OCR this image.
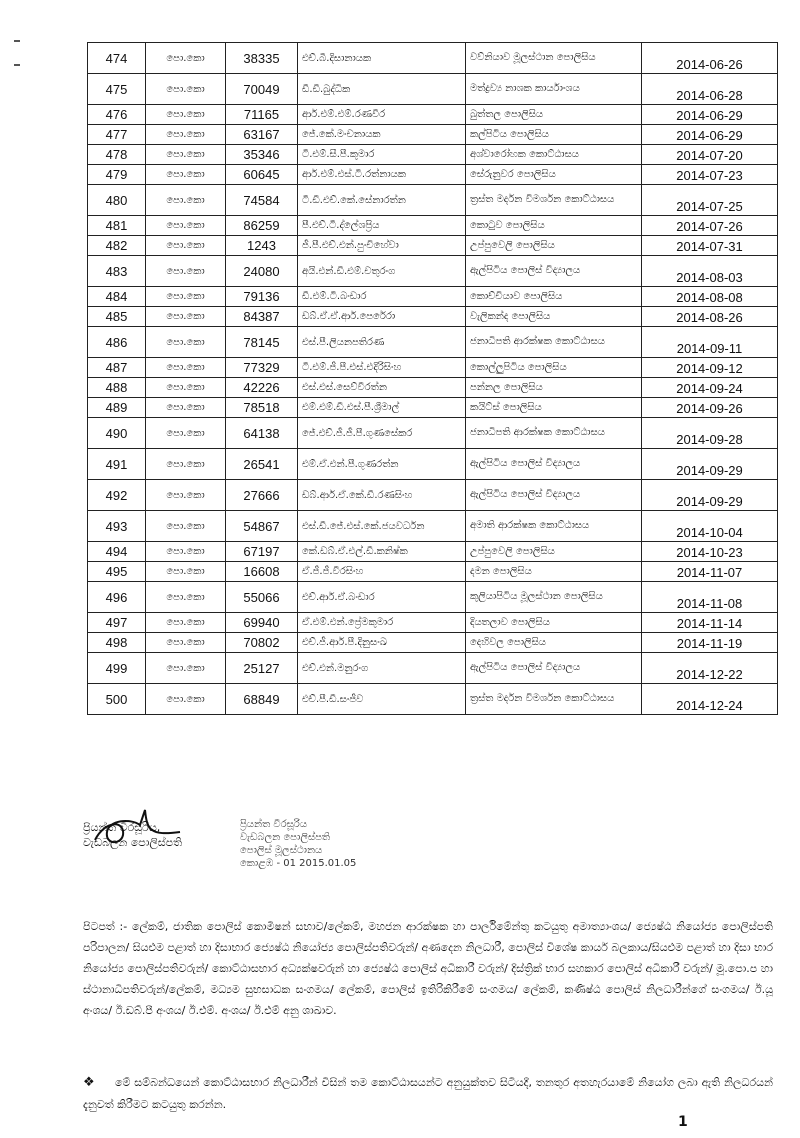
474	පො.කො	38335	එච්.බී.දිසානායක	වව්නියාව මූලස්ථාන පොලිසිය	2014-06-26
475	පො.කො	70049	ඩී.ඩී.බුද්ධික	මත්ද්‍රව්‍ය නාශක කාර්යාංශය	2014-06-28
476	පො.කො	71165	ආර්.එම්.එම්.රණවීර	බුත්තල පොලිසිය	2014-06-29
477	පො.කො	63167	ජේ.කේ.මංචනායක	කල්පිටිය පොලිසිය	2014-06-29
478	පො.කො	35346	ටී.එම්.සී.පී.කුමාර	අශ්වාරෝහක කොට්ඨාසය	2014-07-20
479	පො.කො	60645	ආර්.එම්.එස්.ටී.රත්නායක	සේරුනුවර පොලිසිය	2014-07-23
480	පො.කො	74584	ටී.ඩී.එච්.කේ.සේනාරත්න	ත්‍රස්ත මර්දන විමර්ශන කොට්ඨාසය	2014-07-25
481	පො.කො	86259	පී.එච්.ටී.ද්ලේශප්‍රිය	කොටුව පොලිසිය	2014-07-26
482	පො.කො	1243	ජී.පී.එච්.එන්.පුංචිහේවා	උප්පුවෙලි පොලිසිය	2014-07-31
483	පො.කො	24080	අයි.එන්.ඩී.එම්.චතුරංග	ඇල්පිටිය පොලිස් විද්‍යාලය	2014-08-03
484	පො.කො	79136	ඩී.එම්.ටී.බංඩාර	කොච්චියාව පොලිසිය	2014-08-08
485	පො.කො	84387	ඩබ්.ඒ.ඒ.ආර්.පෙරේරා	වැලිකන්ද පොලිසිය	2014-08-26
486	පො.කො	78145	එස්.පී.ලියනපතිරණ	ජනාධිපති ආරක්ෂක කොට්ඨාසය	2014-09-11
487	පො.කො	77329	ටී.එම්.ජී.පී.එස්.එදිරිසිංහ	කොල්ලුපිටිය පොලිසිය	2014-09-12
488	පො.කො	42226	එස්.එස්.සෙව්වීරත්න	පන්නල පොලිසිය	2014-09-24
489	පො.කො	78518	එම්.එම්.ඩී.එස්.පී.ශ්‍රීමාල්	කයිට්ස් පොලිසිය	2014-09-26
490	පො.කො	64138	ජේ.එච්.ජී.ජී.පී.ගුණසේකර	ජනාධිපති ආරක්ෂක කොට්ඨාසය	2014-09-28
491	පො.කො	26541	එම්.ඒ.එන්.පී.ගුණරත්න	ඇල්පිටිය පොලිස් විද්‍යාලය	2014-09-29
492	පො.කො	27666	ඩබ්.ආර්.ඒ.කේ.ඩී.රණසිංහ	ඇල්පිටිය පොලිස් විද්‍යාලය	2014-09-29
493	පො.කො	54867	එස්.ඩී.ජේ.එස්.කේ.ජයවර්ධන	අමාති ආරක්ෂක කොට්ඨාසය	2014-10-04
494	පො.කො	67197	කේ.ඩබ්.ඒ.එල්.ඩී.කනිෂ්ක	උප්පුවෙලි පොලිසිය	2014-10-23
495	පො.කො	16608	ඒ.ජී.ජී.වීරසිංහ	දමන පොලිසිය	2014-11-07
496	පො.කො	55066	එච්.ආර්.ඒ.බංඩාර	කුලියාපිටිය මූලස්ථාන පොලිසිය	2014-11-08
497	පො.කො	69940	ඒ.එම්.එන්.ප්‍රේමකුමාර	දියතලාව පොලිසිය	2014-11-14
498	පො.කො	70802	එච්.ජී.ආර්.පී.දිනුසංඛ	දෙහිවල පොලිසිය	2014-11-19
499	පො.කො	25127	එච්.එන්.මනුරංග	ඇල්පිටිය පොලිස් විද්‍යාලය	2014-12-22
500	පො.කො	68849	එච්.පී.ඩී.සංජීව	ත්‍රස්ත මර්දන විමර්ශන කොට්ඨාසය	2014-12-24
ප්‍රියන්ත වීරසූරිය,
වැඩබලන පොලිස්පති
ප්‍රියන්ත වීරසූරිය
වැඩබලන පොලිස්පති
පොලිස් මූලස්ථානය
කොළඹ - 01 2015.01.05
පිටපත් :- ලේකම්, ජාතික පොලිස් කොමිෂන් සභාව/ලේකම්, මහජන ආරක්ෂක හා පාර්ලිමේන්තු කටයුතු අමාත්‍යාංශය/ ජ්‍යෙෂ්ඨ නියෝජ්‍ය පොලිස්පති පරිපාලන/ සියළුම පළාත් හා දිසාභාර ජ්‍යෙෂ්ඨ නියෝජ්‍ය පොලිස්පතිවරුන්/ අණදෙන නිලධාරී, පොලිස් විශේෂ කාර්ය බලකාය/සියළුම පළාත් හා දිසා භාර නියෝජ්‍ය පොලිස්පතිවරුන්/ කොට්ඨාසභාර අධ්‍යක්ෂවරුන් හා ජ්‍යෙෂ්ඨ පොලිස් අධිකාරී වරුන්/ දිස්ත්‍රික් භාර සහකාර පොලිස් අධිකාරී වරුන්/ මූ.පො.ප හා ස්ථානාධිපතිවරුන්/ලේකම්, මධ්‍යම සුභසාධක සංගමය/ ලේකම්, පොලිස් ඉතිරිකිරීමේ සංගමය/ ලේකම්, කණිෂ්ඨ පොලිස් නිලධාරීන්ගේ සංගමය/ ඊ.යූ අංශය/ ඊ.ඩබ්.පී අංශය/ ඊ.එම්. අංශය/ ඊ.එම් අනු ශාඛාව.
❖ මේ සම්බන්ධයෙන් කොට්ඨාසභාර නිලධාරීන් විසින් තම කොට්ඨාසයන්ට අනුයුක්තව සිටියදී, තනතුර අතහැරයාමේ නියෝග ලබා ඇති නිලධරයන් දැනුවත් කිරීමට කටයුතු කරන්න.
1
